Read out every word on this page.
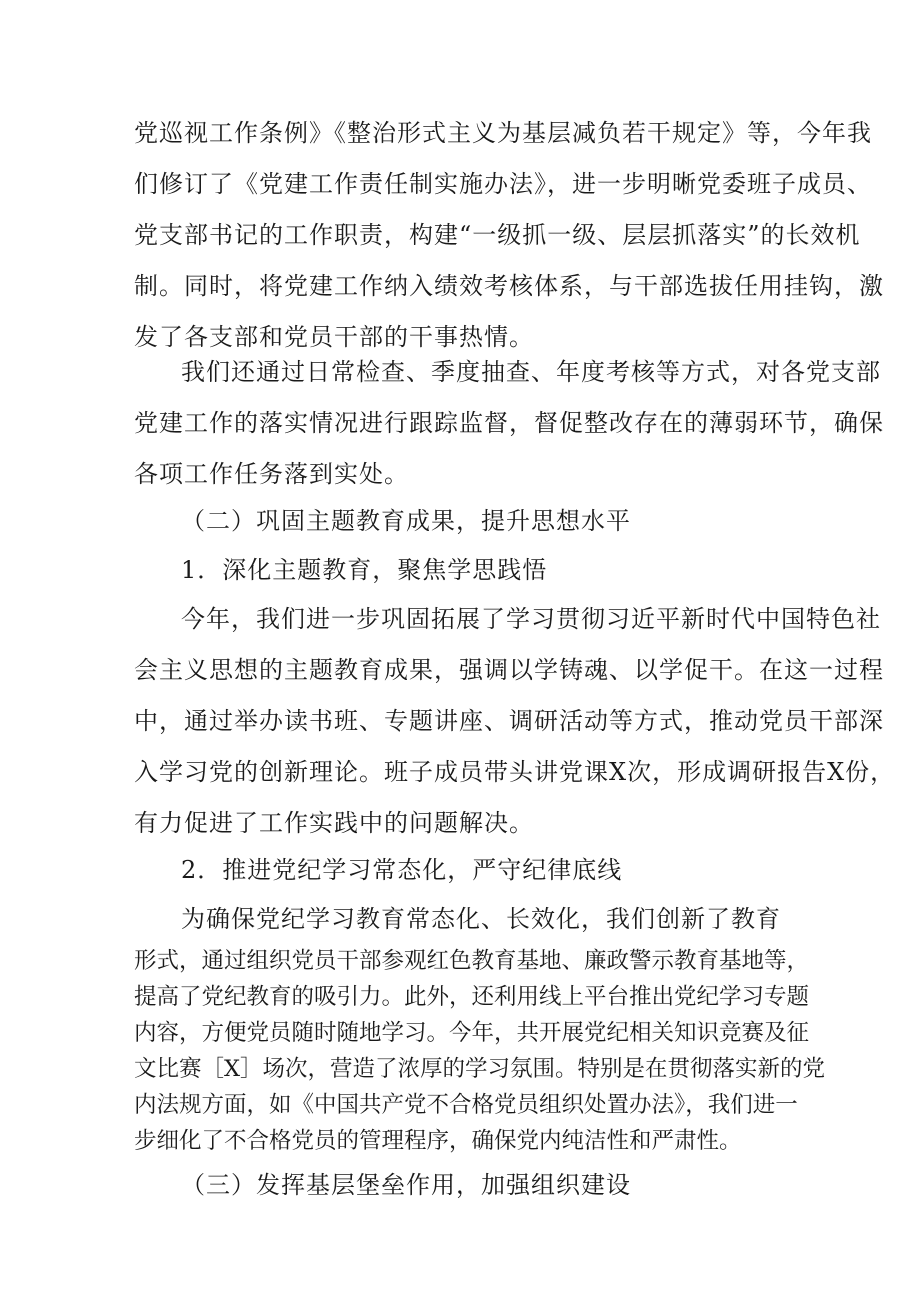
党巡视工作条例》《整治形式主义为基层减负若干规定》等，今年我
们修订了《党建工作责任制实施办法》，进一步明晰党委班子成员、
党支部书记的工作职责，构建“一级抓一级、层层抓落实”的长效机
制。同时，将党建工作纳入绩效考核体系，与干部选拔任用挂钩，激
发了各支部和党员干部的干事热情。
我们还通过日常检查、季度抽查、年度考核等方式，对各党支部
党建工作的落实情况进行跟踪监督，督促整改存在的薄弱环节，确保
各项工作任务落到实处。
（二）巩固主题教育成果，提升思想水平
1．深化主题教育，聚焦学思践悟
今年，我们进一步巩固拓展了学习贯彻习近平新时代中国特色社
会主义思想的主题教育成果，强调以学铸魂、以学促干。在这一过程
中，通过举办读书班、专题讲座、调研活动等方式，推动党员干部深
入学习党的创新理论。班子成员带头讲党课X次，形成调研报告X份，
有力促进了工作实践中的问题解决。
2．推进党纪学习常态化，严守纪律底线
为确保党纪学习教育常态化、长效化，我们创新了教育
形式，通过组织党员干部参观红色教育基地、廉政警示教育基地等，
提高了党纪教育的吸引力。此外，还利用线上平台推出党纪学习专题
内容，方便党员随时随地学习。今年，共开展党纪相关知识竞赛及征
文比赛［X］场次，营造了浓厚的学习氛围。特别是在贯彻落实新的党
内法规方面，如《中国共产党不合格党员组织处置办法》，我们进一
步细化了不合格党员的管理程序，确保党内纯洁性和严肃性。
（三）发挥基层堡垒作用，加强组织建设
